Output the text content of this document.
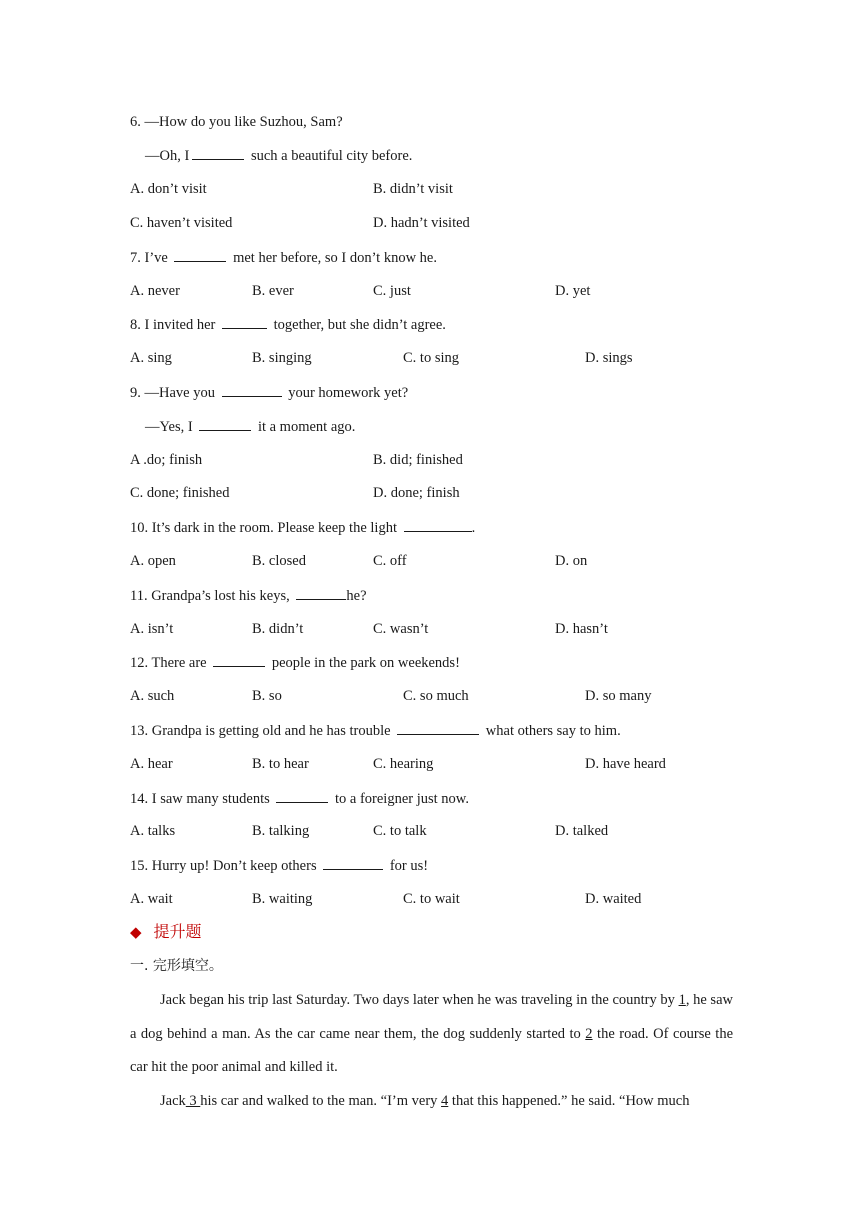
6. —How do you like Suzhou, Sam?
—Oh, I	such a beautiful city before.
A. don’t visit	B. didn’t visit
C. haven’t visited	D. hadn’t visited
7. I’ve	met her before, so I don’t know he.
A. never	B. ever	C. just	D. yet
8. I invited her	together, but she didn’t agree.
A. sing	B. singing	C. to sing	D. sings
9. —Have you	your homework yet?
—Yes, I	it a moment ago.
A .do; finish	B. did; finished
C. done; finished	D. done; finish
10. It’s dark in the room. Please keep the light	.
A. open	B. closed	C. off	D. on
11. Grandpa’s lost his keys,	he?
A. isn’t	B. didn’t	C. wasn’t	D. hasn’t
12. There are	people in the park on weekends!
A. such	B. so	C. so much	D. so many
13. Grandpa is getting old and he has trouble	what others say to him.
A. hear	B. to hear	C. hearing	D. have heard
14. I saw many students	to a foreigner just now.
A. talks	B. talking	C. to talk	D. talked
15. Hurry up! Don’t keep others	for us!
A. wait	B. waiting	C. to wait	D. waited
◆ 提升题
一. 完形填空。

Jack began his trip last Saturday. Two days later when he was traveling in the country by 1, he saw a dog behind a man. As the car came near them, the dog suddenly started to 2 the road. Of course the car hit the poor animal and killed it.

Jack 3 his car and walked to the man. “I’m very 4 that this happened.” he said. “How much
